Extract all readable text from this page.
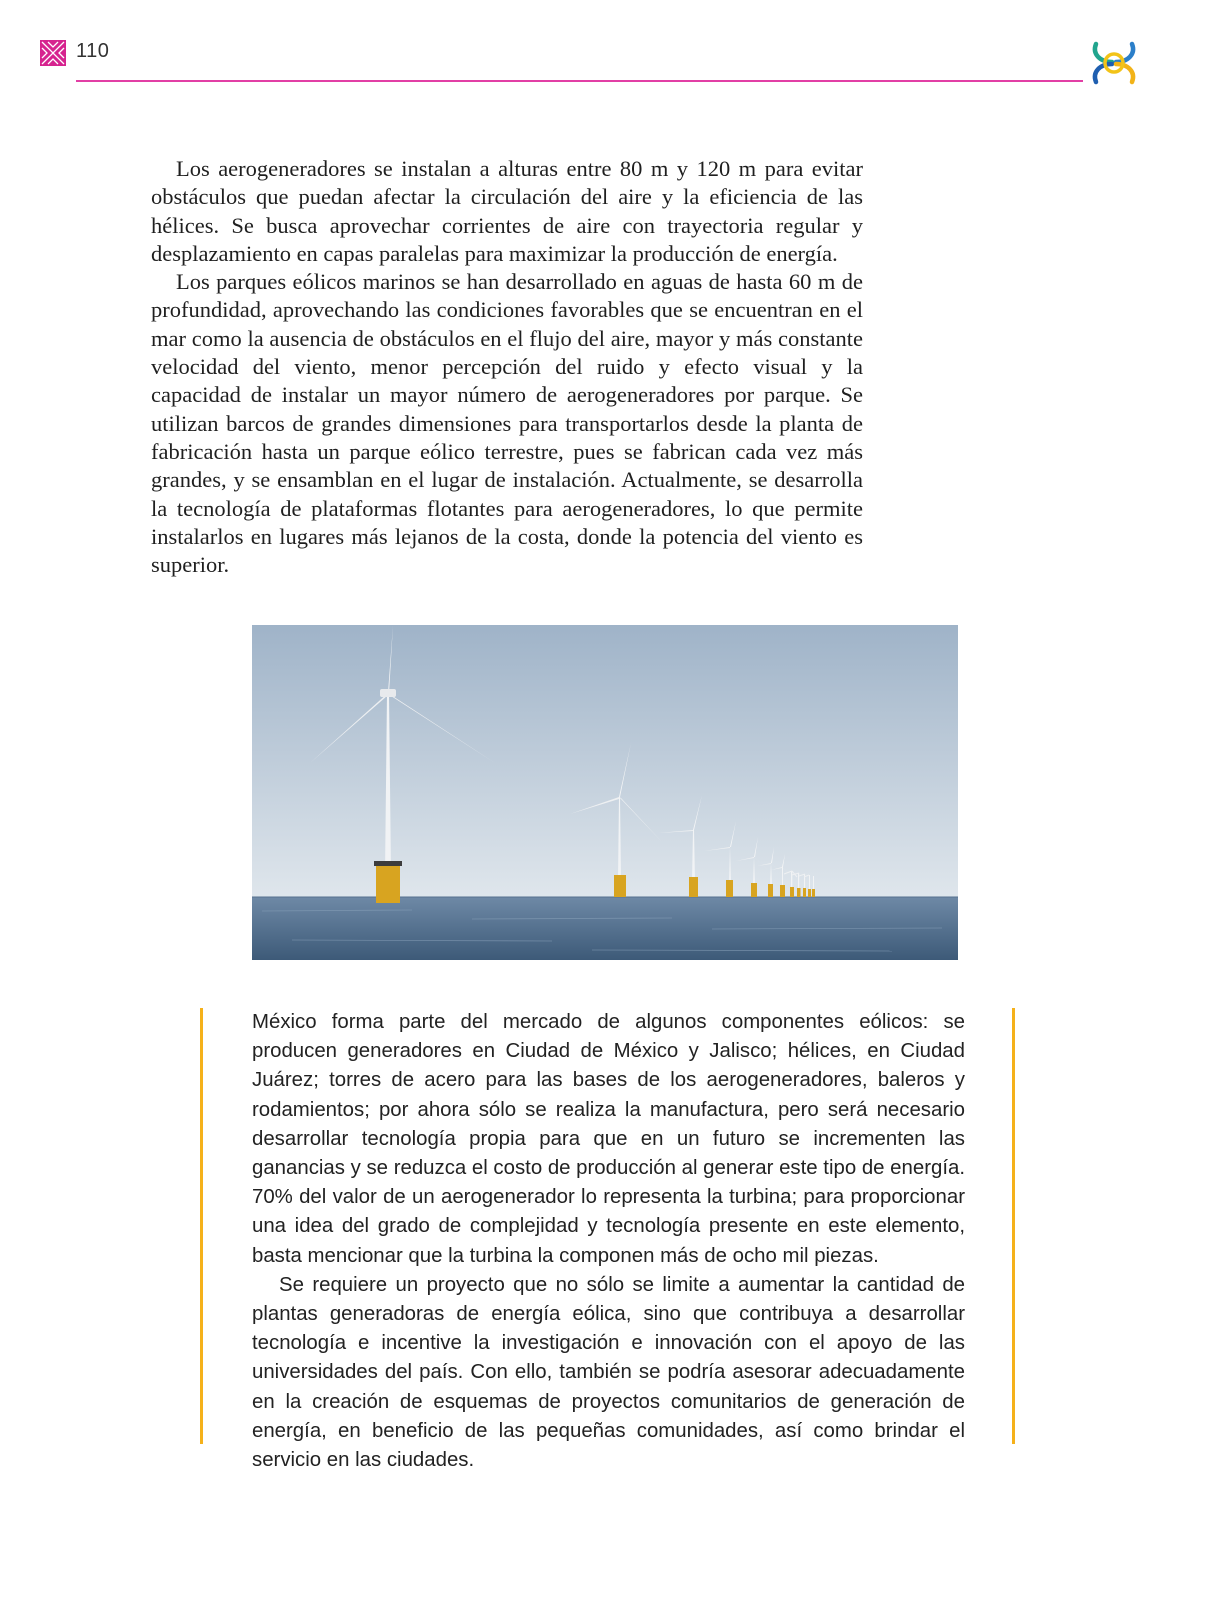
110

Los aerogeneradores se instalan a alturas entre 80 m y 120 m para evitar obstáculos que puedan afectar la circulación del aire y la eficiencia de las hélices. Se busca aprovechar corrientes de aire con trayectoria regular y desplazamiento en capas paralelas para maximizar la producción de energía.

Los parques eólicos marinos se han desarrollado en aguas de hasta 60 m de profundidad, aprovechando las condiciones favorables que se encuentran en el mar como la ausencia de obstáculos en el flujo del aire, mayor y más constante velocidad del viento, menor percepción del ruido y efecto visual y la capacidad de instalar un mayor número de aerogeneradores por parque. Se utilizan barcos de grandes dimensiones para transportarlos desde la planta de fabricación hasta un parque eólico terrestre, pues se fabrican cada vez más grandes, y se ensamblan en el lugar de instalación. Actualmente, se desarrolla la tecnología de plataformas flotantes para aerogeneradores, lo que permite instalarlos en lugares más lejanos de la costa, donde la potencia del viento es superior.

México forma parte del mercado de algunos componentes eólicos: se producen generadores en Ciudad de México y Jalisco; hélices, en Ciudad Juárez; torres de acero para las bases de los aerogeneradores, baleros y rodamientos; por ahora sólo se realiza la manufactura, pero será necesario desarrollar tecnología propia para que en un futuro se incrementen las ganancias y se reduzca el costo de producción al generar este tipo de energía. 70% del valor de un aerogenerador lo representa la turbina; para proporcionar una idea del grado de complejidad y tecnología presente en este elemento, basta mencionar que la turbina la componen más de ocho mil piezas.

Se requiere un proyecto que no sólo se limite a aumentar la cantidad de plantas generadoras de energía eólica, sino que contribuya a desarrollar tecnología e incentive la investigación e innovación con el apoyo de las universidades del país. Con ello, también se podría asesorar adecuadamente en la creación de esquemas de proyectos comunitarios de generación de energía, en beneficio de las pequeñas comunidades, así como brindar el servicio en las ciudades.
